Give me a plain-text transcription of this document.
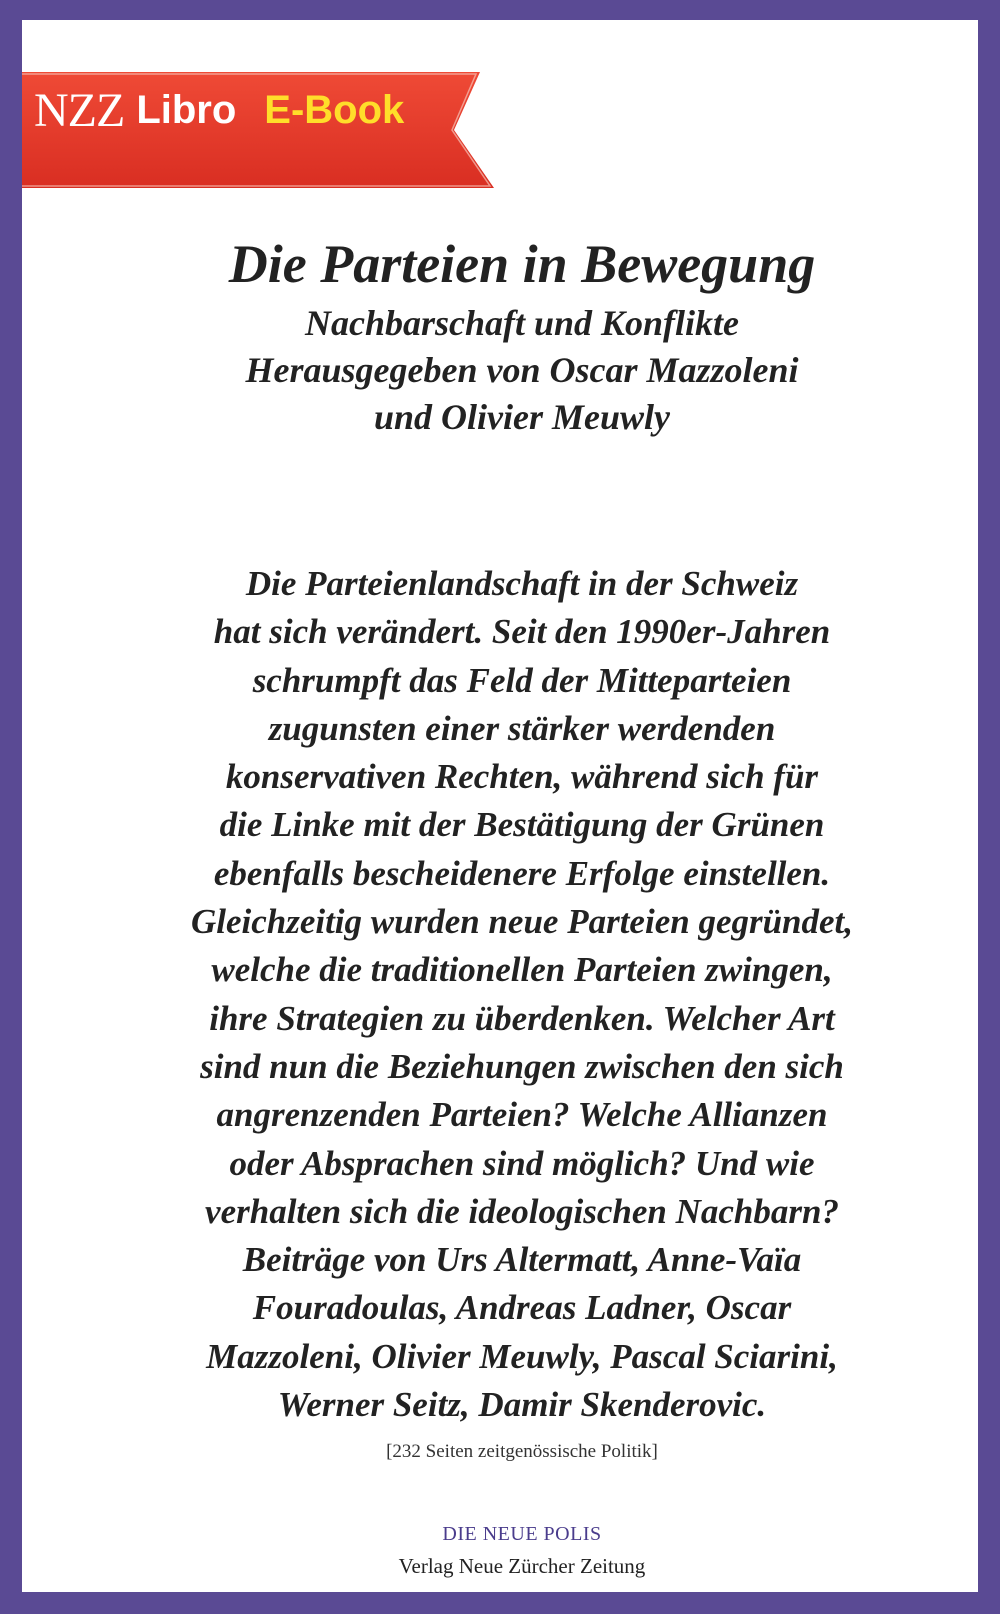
Die Parteien in Bewegung
Nachbarschaft und Konflikte
Herausgegeben von Oscar Mazzoleni
und Olivier Meuwly
Die Parteienlandschaft in der Schweiz
hat sich verändert. Seit den 1990er-Jahren
schrumpft das Feld der Mitteparteien
zugunsten einer stärker werdenden
konservativen Rechten, während sich für
die Linke mit der Bestätigung der Grünen
ebenfalls bescheidenere Erfolge einstellen.
Gleichzeitig wurden neue Parteien gegründet,
welche die traditionellen Parteien zwingen,
ihre Strategien zu überdenken. Welcher Art
sind nun die Beziehungen zwischen den sich
angrenzenden Parteien? Welche Allianzen
oder Absprachen sind möglich? Und wie
verhalten sich die ideologischen Nachbarn?
Beiträge von Urs Altermatt, Anne-Vaïa
Fouradoulas, Andreas Ladner, Oscar
Mazzoleni, Olivier Meuwly, Pascal Sciarini,
Werner Seitz, Damir Skenderovic.
[232 Seiten zeitgenössische Politik]
DIE NEUE POLIS
Verlag Neue Zürcher Zeitung
NZZ Libro E-Book
